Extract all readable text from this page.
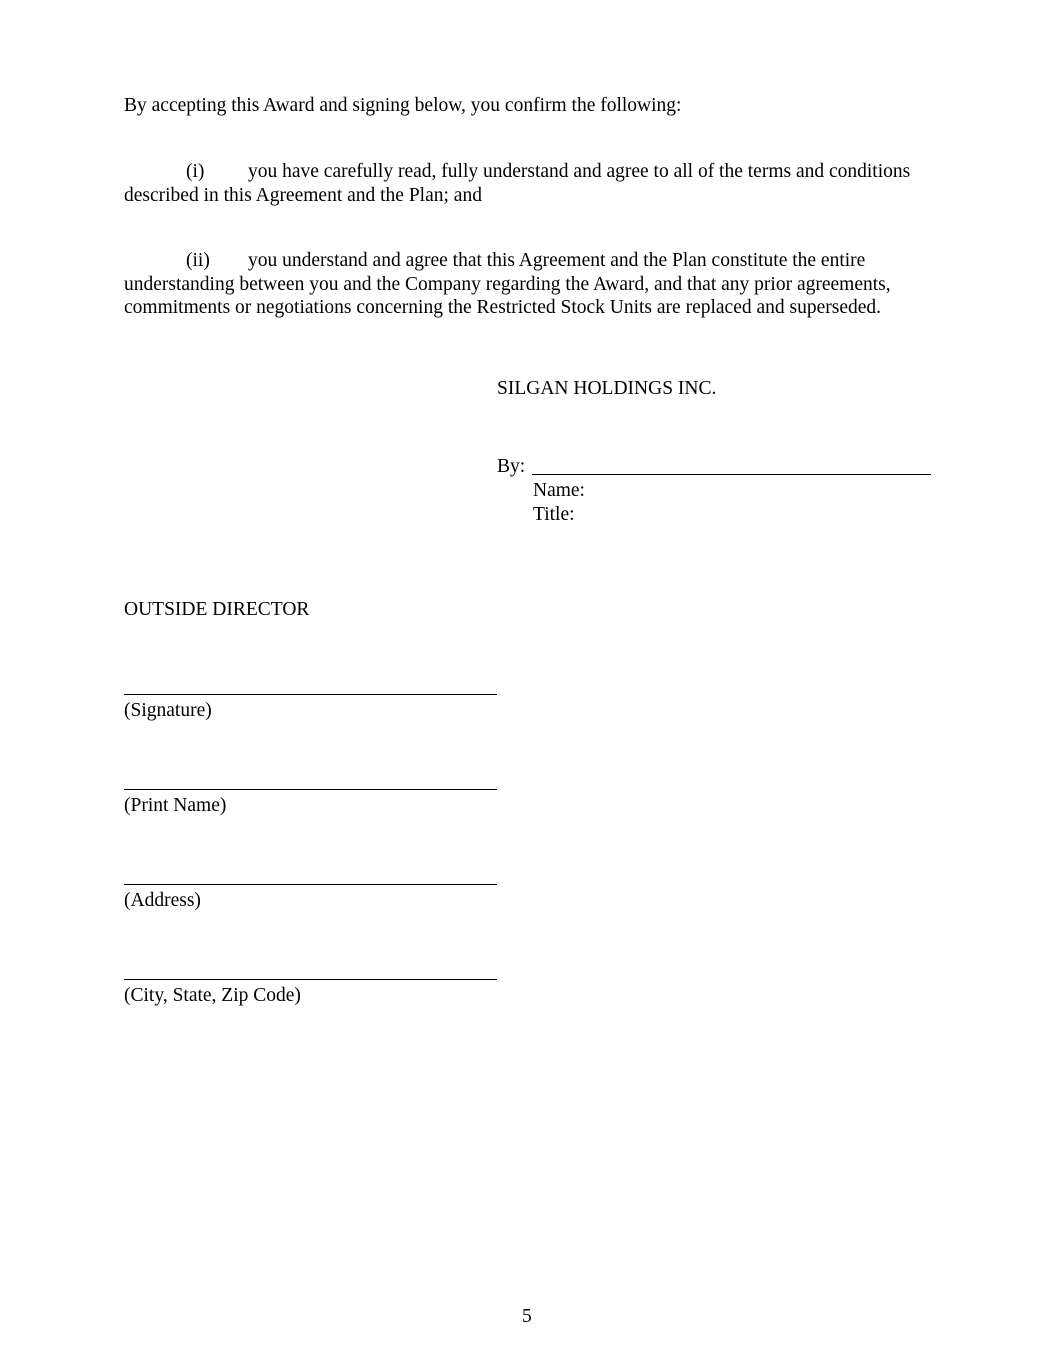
By accepting this Award and signing below, you confirm the following:
(i) you have carefully read, fully understand and agree to all of the terms and conditions described in this Agreement and the Plan; and
(ii) you understand and agree that this Agreement and the Plan constitute the entire understanding between you and the Company regarding the Award, and that any prior agreements, commitments or negotiations concerning the Restricted Stock Units are replaced and superseded.
SILGAN HOLDINGS INC.
By:
Name:
Title:
OUTSIDE DIRECTOR
(Signature)
(Print Name)
(Address)
(City, State, Zip Code)
5
